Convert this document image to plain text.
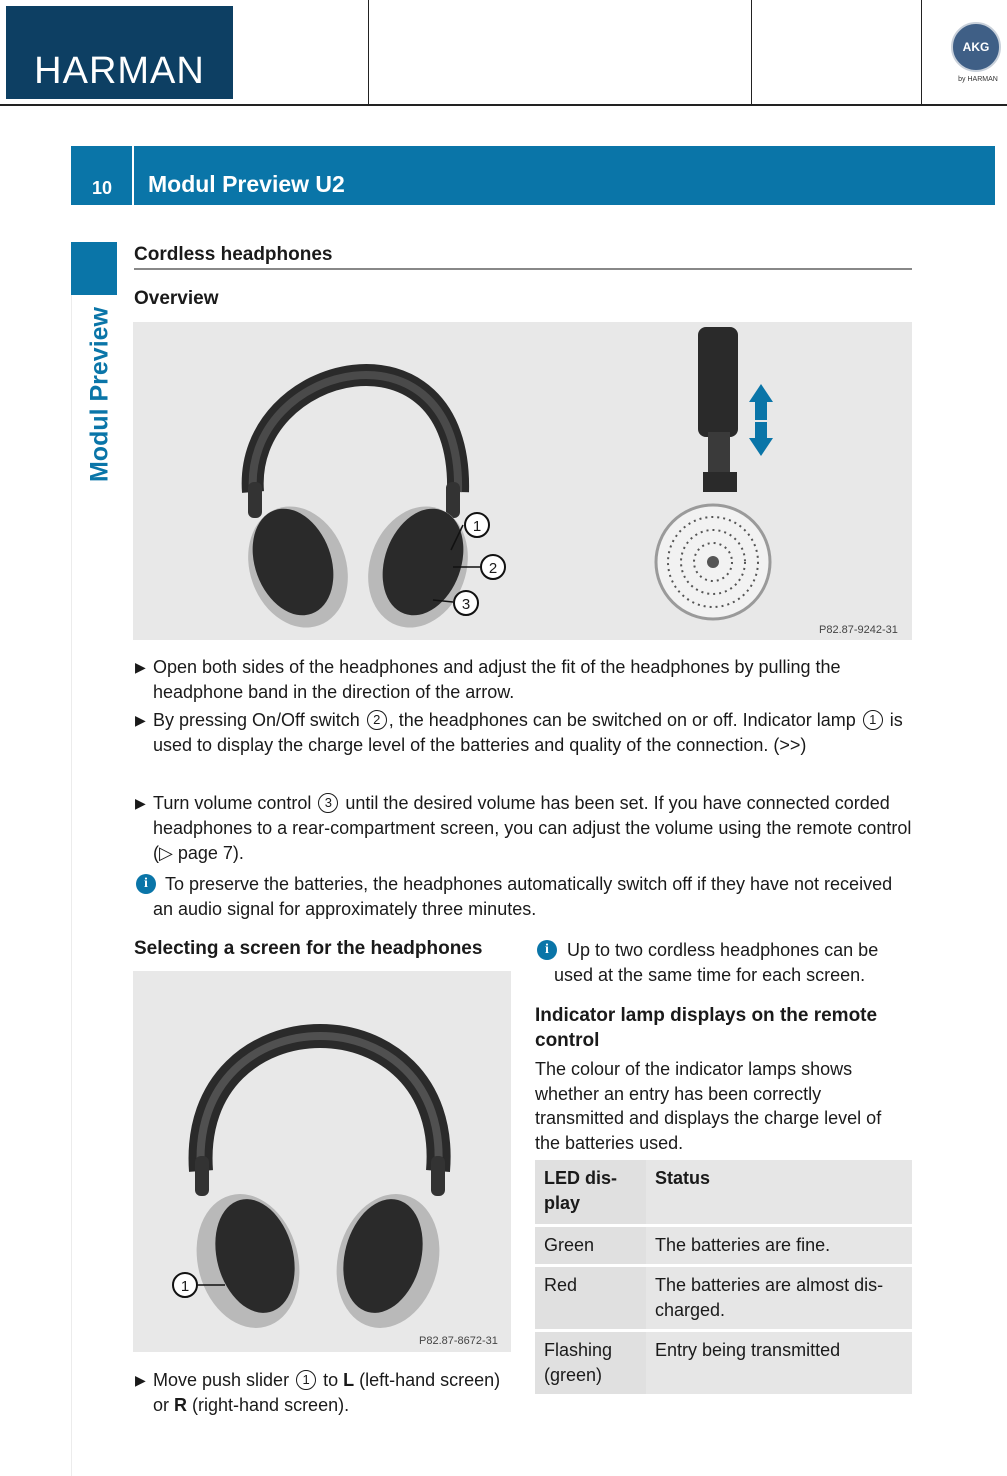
HARMAN
AKG
by HARMAN
10	Modul Preview U2
Modul Preview
Cordless headphones
Overview
1
2
3
P82.87-9242-31
▶ Open both sides of the headphones and adjust the fit of the headphones by pulling the headphone band in the direction of the arrow.
▶ By pressing On/Off switch 2 , the headphones can be switched on or off. Indicator lamp 1 is used to display the charge level of the batteries and quality of the connection. (>>)
▶ Turn volume control 3 until the desired volume has been set. If you have connected corded headphones to a rear-compartment screen, you can adjust the volume using the remote control (▷ page 7).
i To preserve the batteries, the headphones automatically switch off if they have not received an audio signal for approximately three minutes.
Selecting a screen for the headphones
1
P82.87-8672-31
▶ Move push slider 1 to L (left-hand screen) or R (right-hand screen).
i	Up to two cordless headphones can be used at the same time for each screen.
Indicator lamp displays on the remote control
The colour of the indicator lamps shows whether an entry has been correctly transmitted and displays the charge level of the batteries used.
LED dis-
play	Status
Green	The batteries are fine.
Red	The batteries are almost dis-
charged.
Flashing
(green)	Entry being transmitted
